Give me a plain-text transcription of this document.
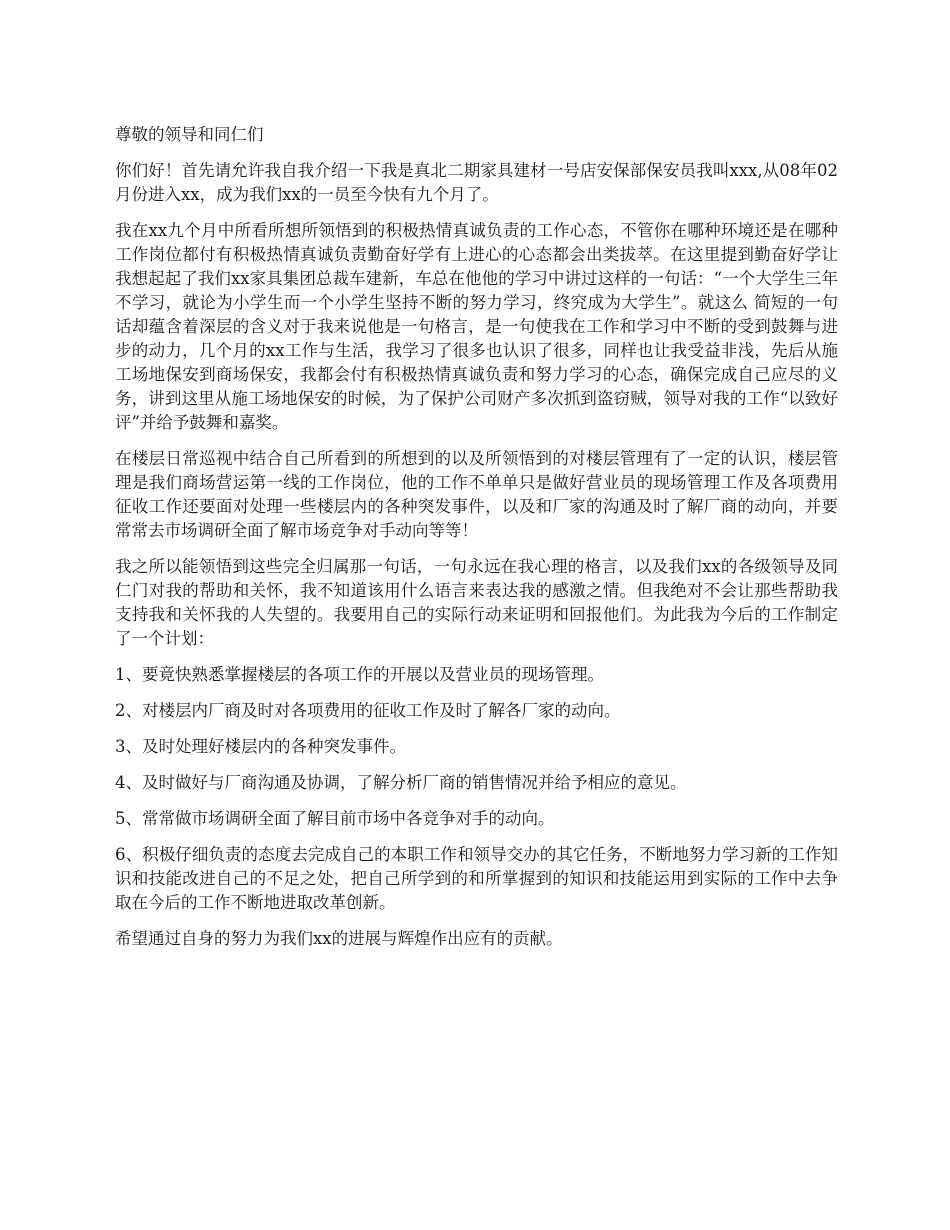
尊敬的领导和同仁们

你们好！首先请允许我自我介绍一下我是真北二期家具建材一号店安保部保安员我叫xxx,从08年02月份进入xx，成为我们xx的一员至今快有九个月了。

我在xx九个月中所看所想所领悟到的积极热情真诚负责的工作心态，不管你在哪种环境还是在哪种工作岗位都付有积极热情真诚负责勤奋好学有上进心的心态都会出类拔萃。在这里提到勤奋好学让我想起起了我们xx家具集团总裁车建新，车总在他他的学习中讲过这样的一句话：“一个大学生三年不学习，就论为小学生而一个小学生坚持不断的努力学习，终究成为大学生”。就这么 简短的一句话却蕴含着深层的含义对于我来说他是一句格言，是一句使我在工作和学习中不断的受到鼓舞与进步的动力，几个月的xx工作与生活，我学习了很多也认识了很多，同样也让我受益非浅，先后从施工场地保安到商场保安，我都会付有积极热情真诚负责和努力学习的心态，确保完成自己应尽的义务，讲到这里从施工场地保安的时候，为了保护公司财产多次抓到盗窃贼，领导对我的工作“以致好评”并给予鼓舞和嘉奖。

在楼层日常巡视中结合自己所看到的所想到的以及所领悟到的对楼层管理有了一定的认识，楼层管理是我们商场营运第一线的工作岗位，他的工作不单单只是做好营业员的现场管理工作及各项费用征收工作还要面对处理一些楼层内的各种突发事件，以及和厂家的沟通及时了解厂商的动向，并要常常去市场调研全面了解市场竞争对手动向等等！

我之所以能领悟到这些完全归属那一句话，一句永远在我心理的格言，以及我们xx的各级领导及同仁门对我的帮助和关怀，我不知道该用什么语言来表达我的感激之情。但我绝对不会让那些帮助我支持我和关怀我的人失望的。我要用自己的实际行动来证明和回报他们。为此我为今后的工作制定了一个计划：

1、要竟快熟悉掌握楼层的各项工作的开展以及营业员的现场管理。

2、对楼层内厂商及时对各项费用的征收工作及时了解各厂家的动向。

3、及时处理好楼层内的各种突发事件。

4、及时做好与厂商沟通及协调，了解分析厂商的销售情况并给予相应的意见。

5、常常做市场调研全面了解目前市场中各竞争对手的动向。

6、积极仔细负责的态度去完成自己的本职工作和领导交办的其它任务，不断地努力学习新的工作知识和技能改进自己的不足之处，把自己所学到的和所掌握到的知识和技能运用到实际的工作中去争取在今后的工作不断地进取改革创新。

希望通过自身的努力为我们xx的进展与辉煌作出应有的贡献。
